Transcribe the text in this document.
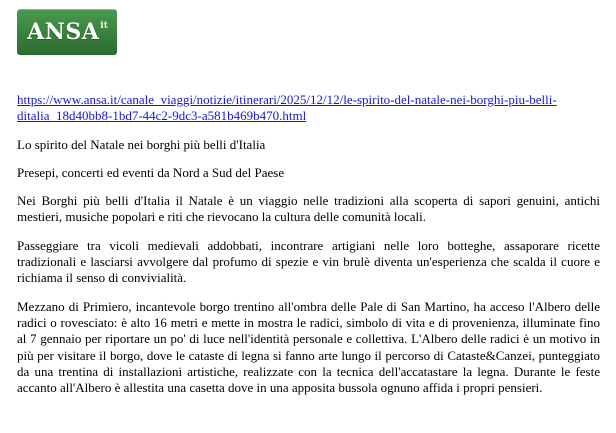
ANSA it

https://www.ansa.it/canale_viaggi/notizie/itinerari/2025/12/12/le-spirito-del-natale-nei-borghi-piu-belli-ditalia_18d40bb8-1bd7-44c2-9dc3-a581b469b470.html

Lo spirito del Natale nei borghi più belli d'Italia

Presepi, concerti ed eventi da Nord a Sud del Paese

Nei Borghi più belli d'Italia il Natale è un viaggio nelle tradizioni alla scoperta di sapori genuini, antichi mestieri, musiche popolari e riti che rievocano la cultura delle comunità locali.

Passeggiare tra vicoli medievali addobbati, incontrare artigiani nelle loro botteghe, assaporare ricette tradizionali e lasciarsi avvolgere dal profumo di spezie e vin brulè diventa un'esperienza che scalda il cuore e richiama il senso di convivialità.

Mezzano di Primiero, incantevole borgo trentino all'ombra delle Pale di San Martino, ha acceso l'Albero delle radici o rovesciato: è alto 16 metri e mette in mostra le radici, simbolo di vita e di provenienza, illuminate fino al 7 gennaio per riportare un po' di luce nell'identità personale e collettiva. L'Albero delle radici è un motivo in più per visitare il borgo, dove le cataste di legna si fanno arte lungo il percorso di Cataste&Canzei, punteggiato da una trentina di installazioni artistiche, realizzate con la tecnica dell'accatastare la legna. Durante le feste accanto all'Albero è allestita una casetta dove in una apposita bussola ognuno affida i propri pensieri.
